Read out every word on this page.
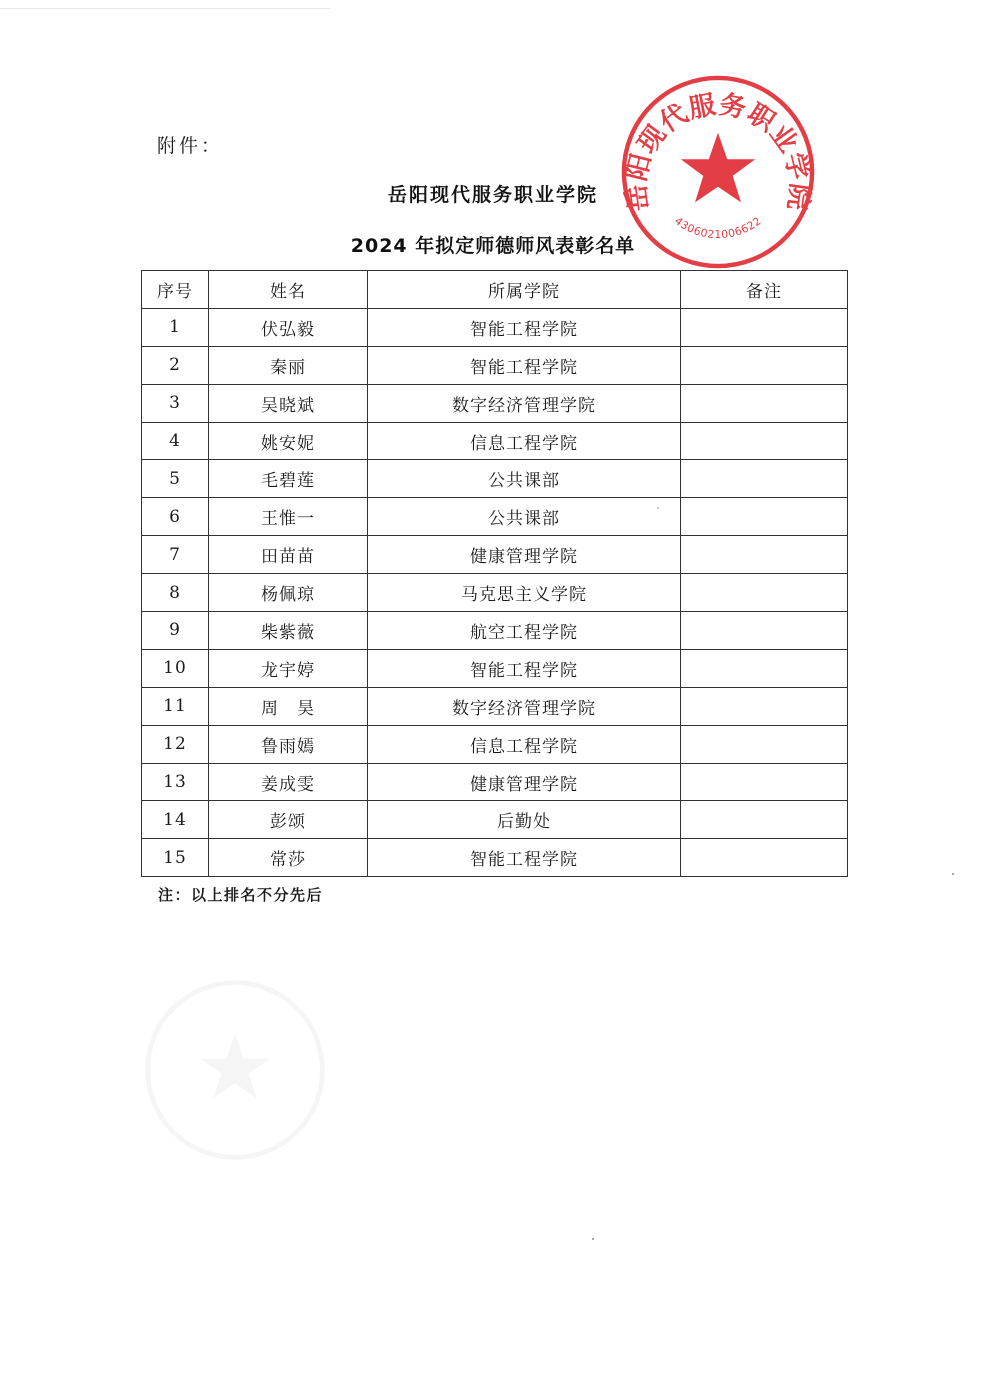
附件：
岳阳现代服务职业学院
2024 年拟定师德师风表彰名单
序号	姓名	所属学院	备注
1	伏弘毅	智能工程学院	
2	秦丽	智能工程学院	
3	吴晓斌	数字经济管理学院	
4	姚安妮	信息工程学院	
5	毛碧莲	公共课部	
6	王惟一	公共课部	
7	田苗苗	健康管理学院	
8	杨佩琼	马克思主义学院	
9	柴紫薇	航空工程学院	
10	龙宇婷	智能工程学院	
11	周　昊	数字经济管理学院	
12	鲁雨嫣	信息工程学院	
13	姜成雯	健康管理学院	
14	彭颂	后勤处	
15	常莎	智能工程学院	
注：以上排名不分先后
岳阳现代服务职业学院
4306021006622
